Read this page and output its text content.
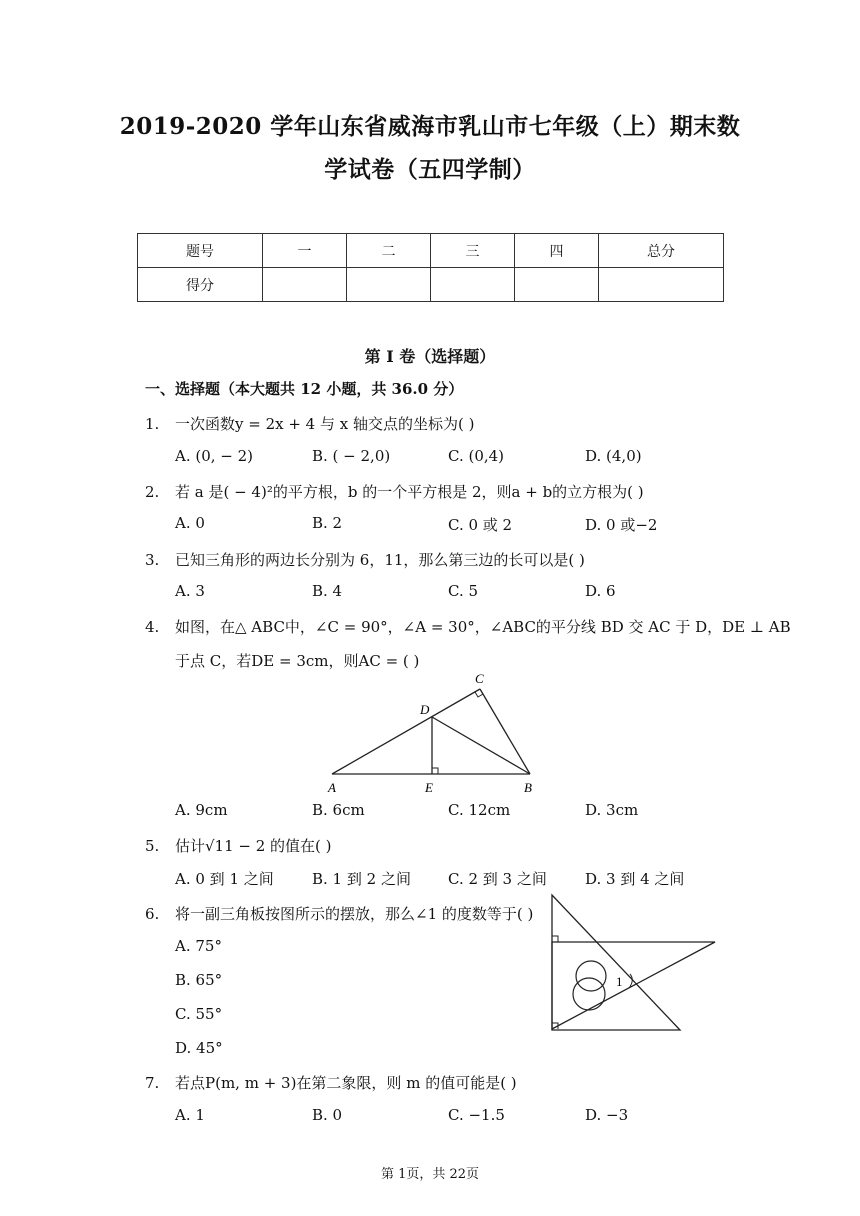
2019-2020 学年山东省威海市乳山市七年级（上）期末数
学试卷（五四学制）
题号	一	二	三	四	总分
得分					
第 I 卷（选择题）
一、选择题（本大题共 12 小题，共 36.0 分）
1. 一次函数y = 2x + 4 与 x 轴交点的坐标为( )
A. (0, − 2)	B. ( − 2,0)	C. (0,4)	D. (4,0)
2. 若 a 是( − 4)²的平方根，b 的一个平方根是 2，则a + b的立方根为( )
A. 0	B. 2	C. 0 或 2	D. 0 或−2
3. 已知三角形的两边长分别为 6，11，那么第三边的长可以是( )
A. 3	B. 4	C. 5	D. 6
4. 如图，在△ ABC中，∠C = 90°，∠A = 30°，∠ABC的平分线 BD 交 AC 于 D，DE ⊥ AB
于点 C，若DE = 3cm，则AC = ( )
A	B
C
D
E
A. 9cm	B. 6cm	C. 12cm	D. 3cm
5. 估计√11 − 2 的值在( )
A. 0 到 1 之间	B. 1 到 2 之间 C. 2 到 3 之间	D. 3 到 4 之间
6. 将一副三角板按图所示的摆放，那么∠1 的度数等于( )
A. 75°
B. 65°
C. 55°
D. 45°
1
7. 若点P(m, m + 3)在第二象限，则 m 的值可能是( )
A. 1	B. 0	C. −1.5	D. −3
第 1页，共 22页
